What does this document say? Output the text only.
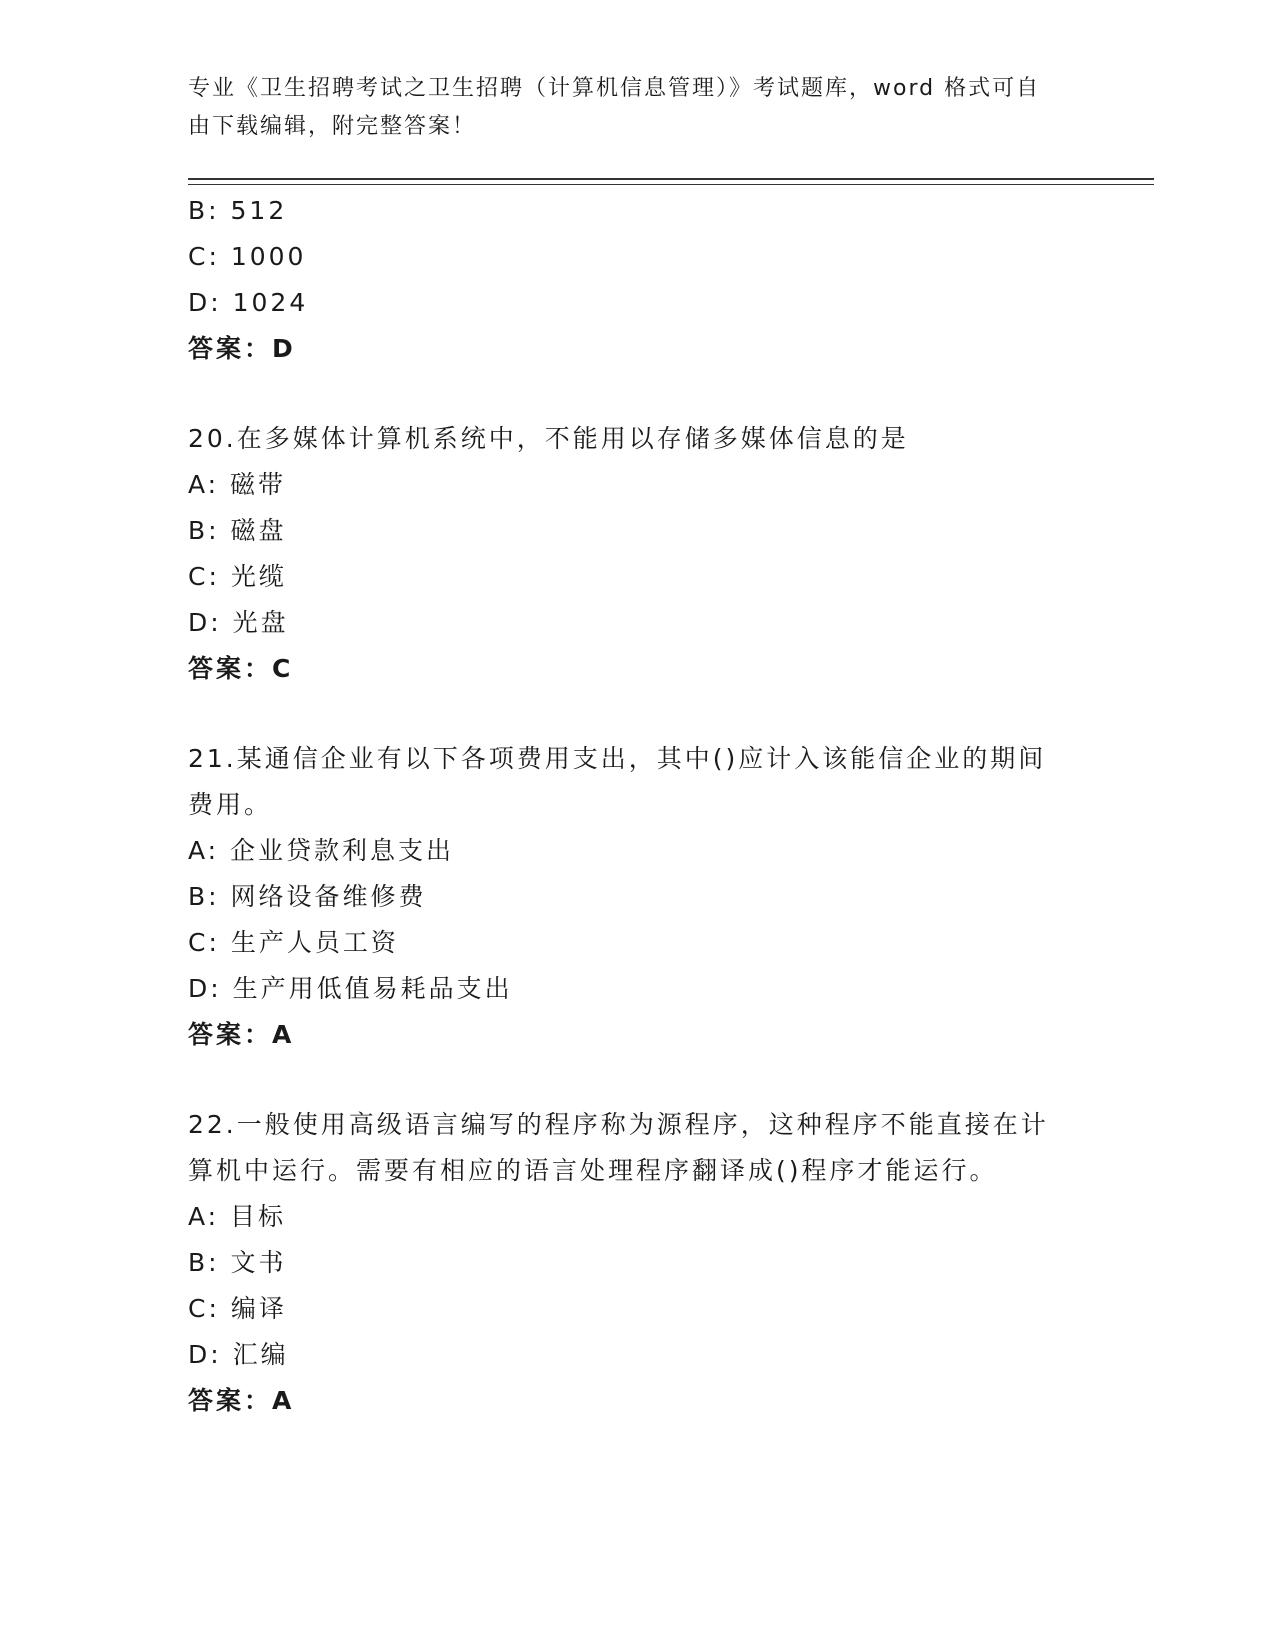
专业《卫生招聘考试之卫生招聘（计算机信息管理）》考试题库，word 格式可自
由下载编辑，附完整答案！
B: 512
C: 1000
D: 1024
答案：D
20.在多媒体计算机系统中，不能用以存储多媒体信息的是
A: 磁带
B: 磁盘
C: 光缆
D: 光盘
答案：C
21.某通信企业有以下各项费用支出，其中()应计入该能信企业的期间
费用。
A: 企业贷款利息支出
B: 网络设备维修费
C: 生产人员工资
D: 生产用低值易耗品支出
答案：A
22.一般使用高级语言编写的程序称为源程序，这种程序不能直接在计
算机中运行。需要有相应的语言处理程序翻译成()程序才能运行。
A: 目标
B: 文书
C: 编译
D: 汇编
答案：A
